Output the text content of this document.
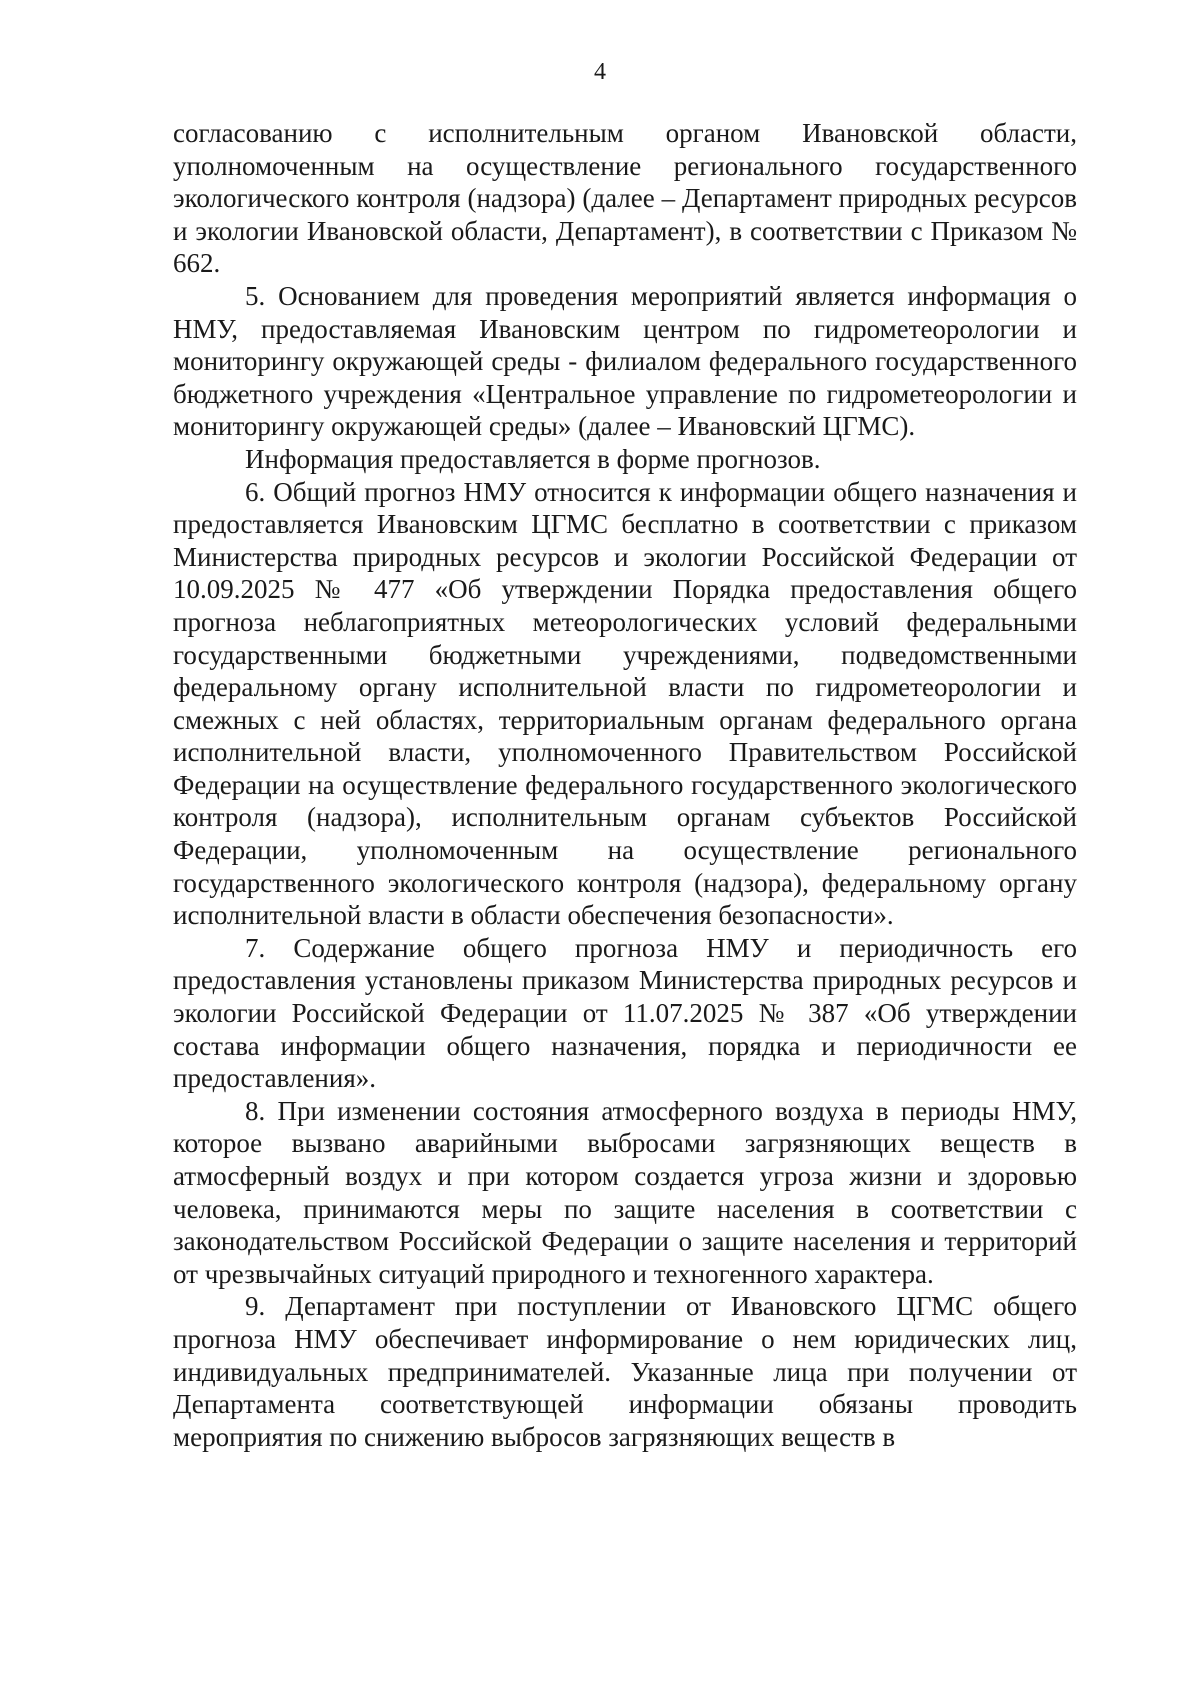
4

согласованию с исполнительным органом Ивановской области, уполномоченным на осуществление регионального государственного экологического контроля (надзора) (далее – Департамент природных ресурсов и экологии Ивановской области, Департамент), в соответствии с Приказом № 662.

5. Основанием для проведения мероприятий является информация о НМУ, предоставляемая Ивановским центром по гидрометеорологии и мониторингу окружающей среды - филиалом федерального государственного бюджетного учреждения «Центральное управление по гидрометеорологии и мониторингу окружающей среды» (далее – Ивановский ЦГМС).

Информация предоставляется в форме прогнозов.

6. Общий прогноз НМУ относится к информации общего назначения и предоставляется Ивановским ЦГМС бесплатно в соответствии с приказом Министерства природных ресурсов и экологии Российской Федерации от 10.09.2025 № 477 «Об утверждении Порядка предоставления общего прогноза неблагоприятных метеорологических условий федеральными государственными бюджетными учреждениями, подведомственными федеральному органу исполнительной власти по гидрометеорологии и смежных с ней областях, территориальным органам федерального органа исполнительной власти, уполномоченного Правительством Российской Федерации на осуществление федерального государственного экологического контроля (надзора), исполнительным органам субъектов Российской Федерации, уполномоченным на осуществление регионального государственного экологического контроля (надзора), федеральному органу исполнительной власти в области обеспечения безопасности».

7. Содержание общего прогноза НМУ и периодичность его предоставления установлены приказом Министерства природных ресурсов и экологии Российской Федерации от 11.07.2025 № 387 «Об утверждении состава информации общего назначения, порядка и периодичности ее предоставления».

8. При изменении состояния атмосферного воздуха в периоды НМУ, которое вызвано аварийными выбросами загрязняющих веществ в атмосферный воздух и при котором создается угроза жизни и здоровью человека, принимаются меры по защите населения в соответствии с законодательством Российской Федерации о защите населения и территорий от чрезвычайных ситуаций природного и техногенного характера.

9. Департамент при поступлении от Ивановского ЦГМС общего прогноза НМУ обеспечивает информирование о нем юридических лиц, индивидуальных предпринимателей. Указанные лица при получении от Департамента соответствующей информации обязаны проводить мероприятия по снижению выбросов загрязняющих веществ в
